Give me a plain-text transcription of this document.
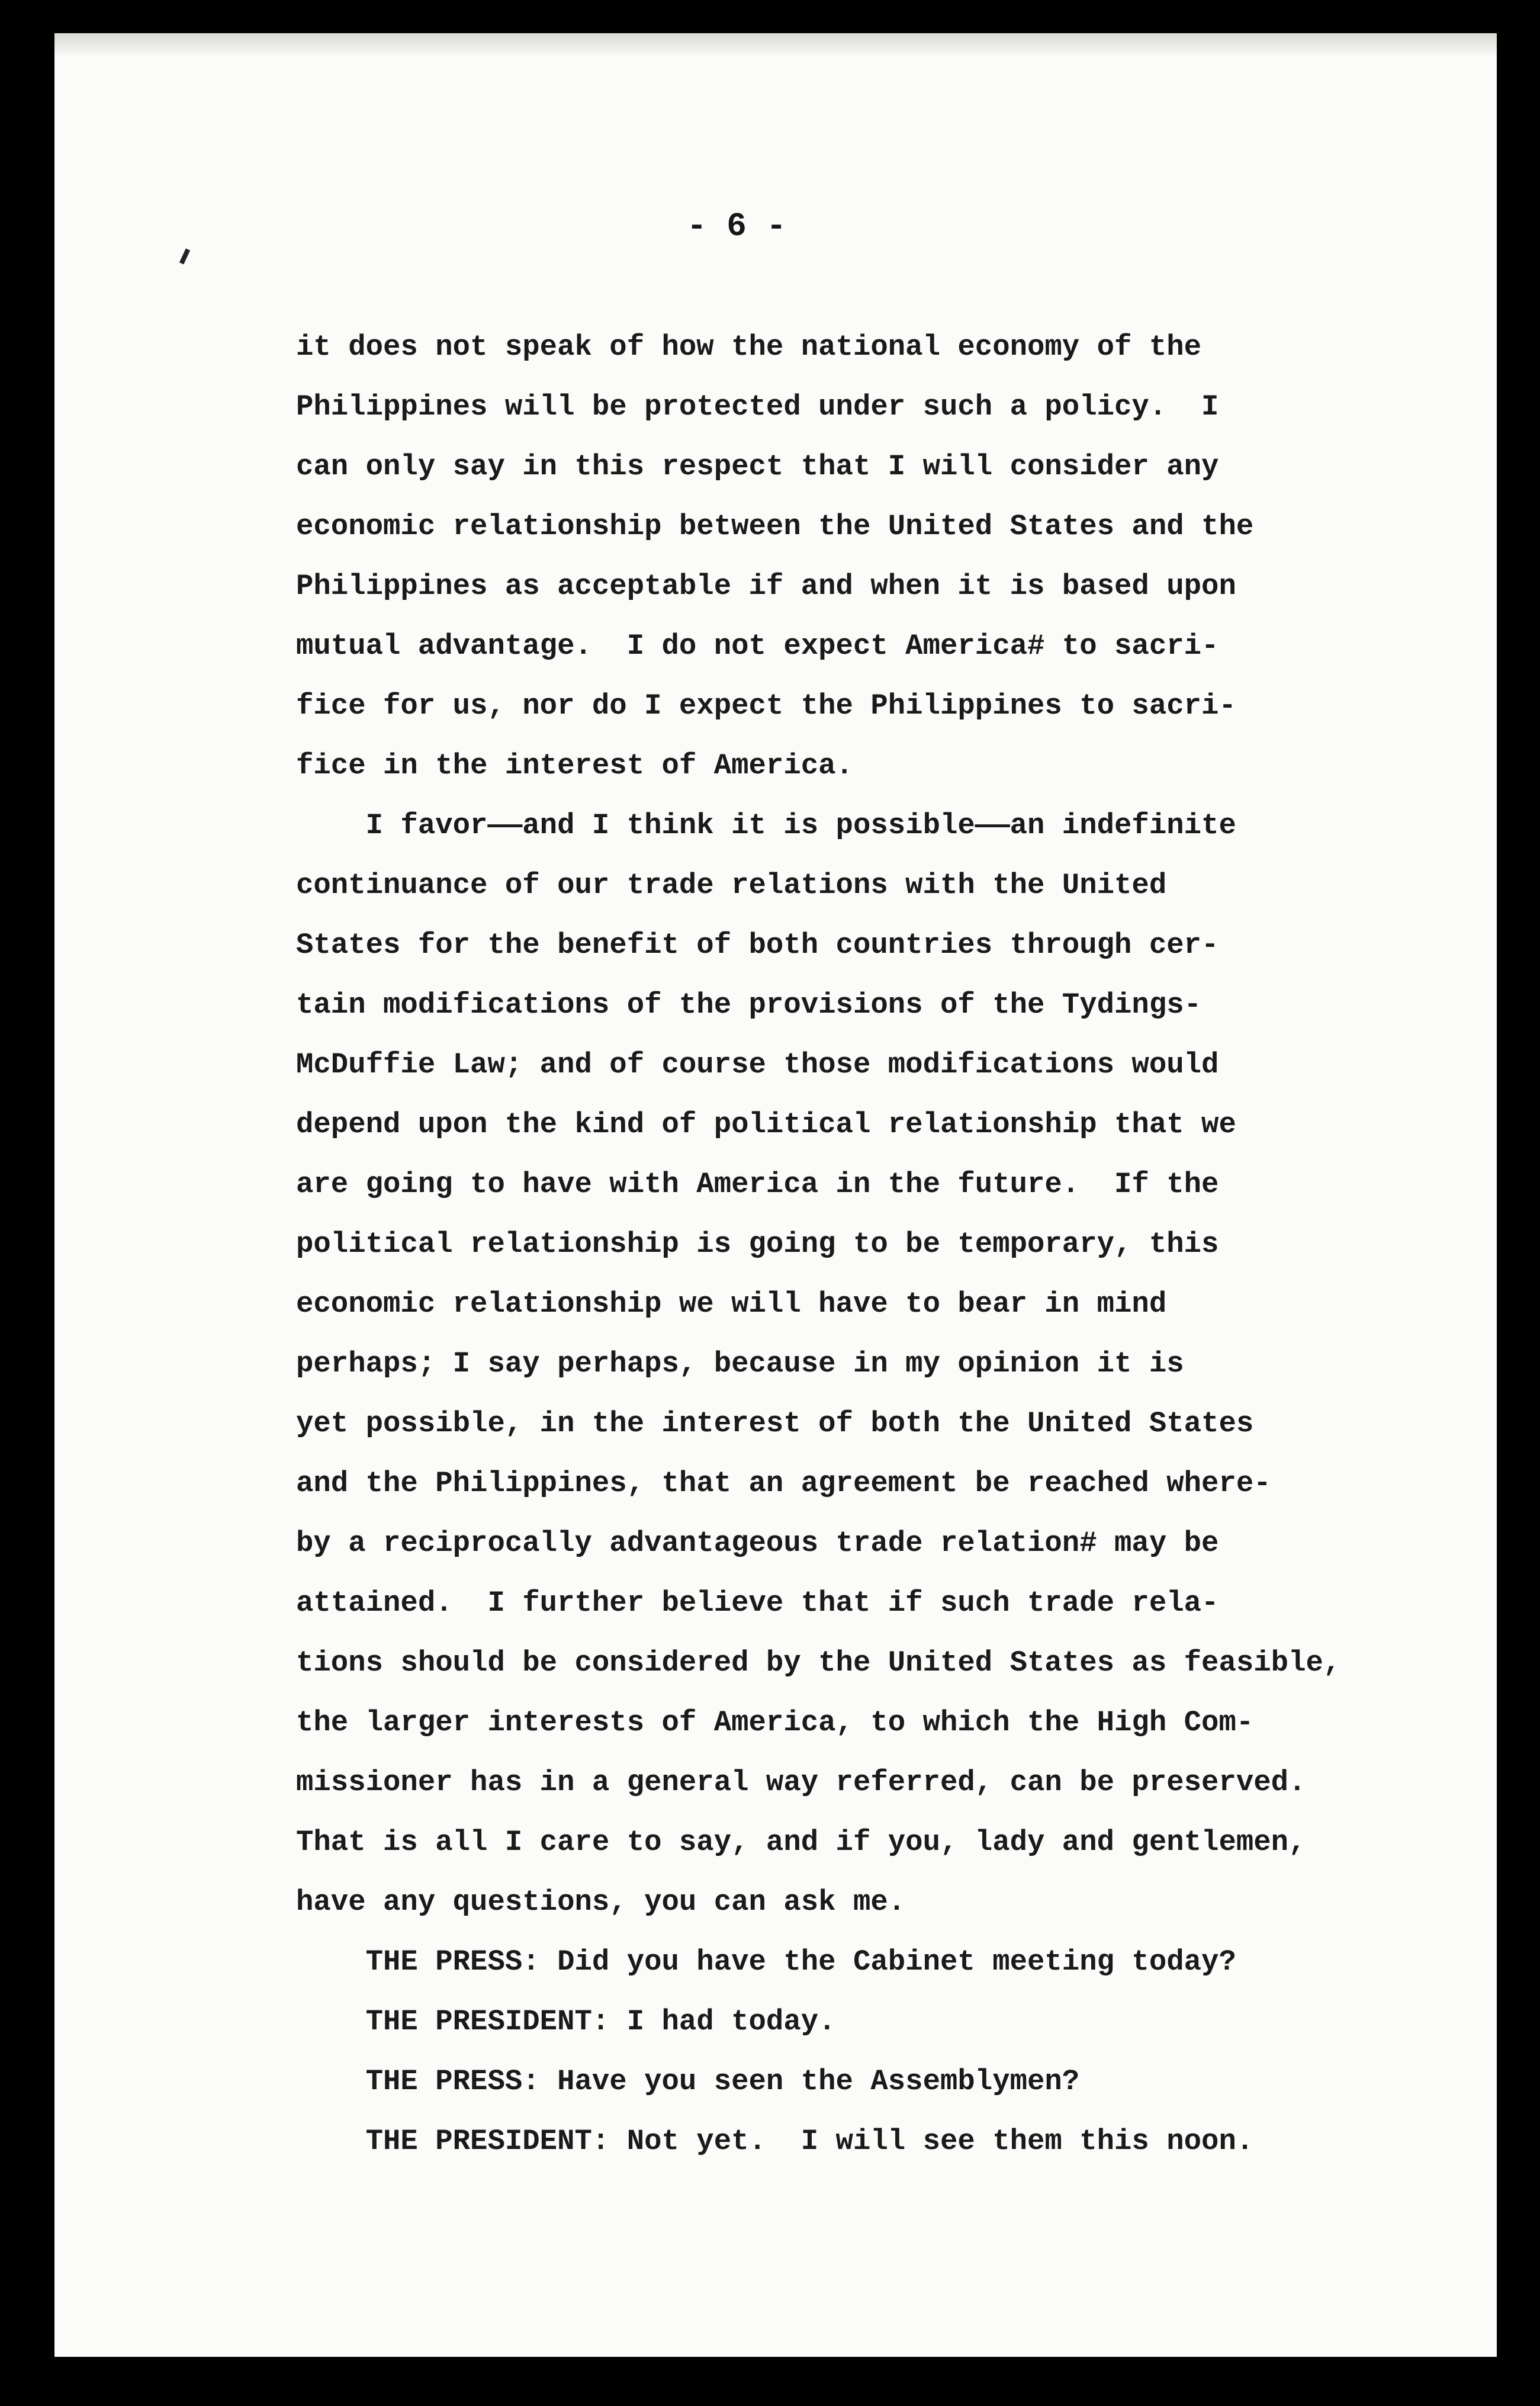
- 6 -
it does not speak of how the national economy of the
Philippines will be protected under such a policy.  I
can only say in this respect that I will consider any
economic relationship between the United States and the
Philippines as acceptable if and when it is based upon
mutual advantage.  I do not expect America# to sacri-
fice for us, nor do I expect the Philippines to sacri-
fice in the interest of America.
I favor——and I think it is possible——an indefinite
continuance of our trade relations with the United
States for the benefit of both countries through cer-
tain modifications of the provisions of the Tydings-
McDuffie Law; and of course those modifications would
depend upon the kind of political relationship that we
are going to have with America in the future.  If the
political relationship is going to be temporary, this
economic relationship we will have to bear in mind
perhaps; I say perhaps, because in my opinion it is
yet possible, in the interest of both the United States
and the Philippines, that an agreement be reached where-
by a reciprocally advantageous trade relation# may be
attained.  I further believe that if such trade rela-
tions should be considered by the United States as feasible,
the larger interests of America, to which the High Com-
missioner has in a general way referred, can be preserved.
That is all I care to say, and if you, lady and gentlemen,
have any questions, you can ask me.
THE PRESS: Did you have the Cabinet meeting today?
THE PRESIDENT: I had today.
THE PRESS: Have you seen the Assemblymen?
THE PRESIDENT: Not yet.  I will see them this noon.
